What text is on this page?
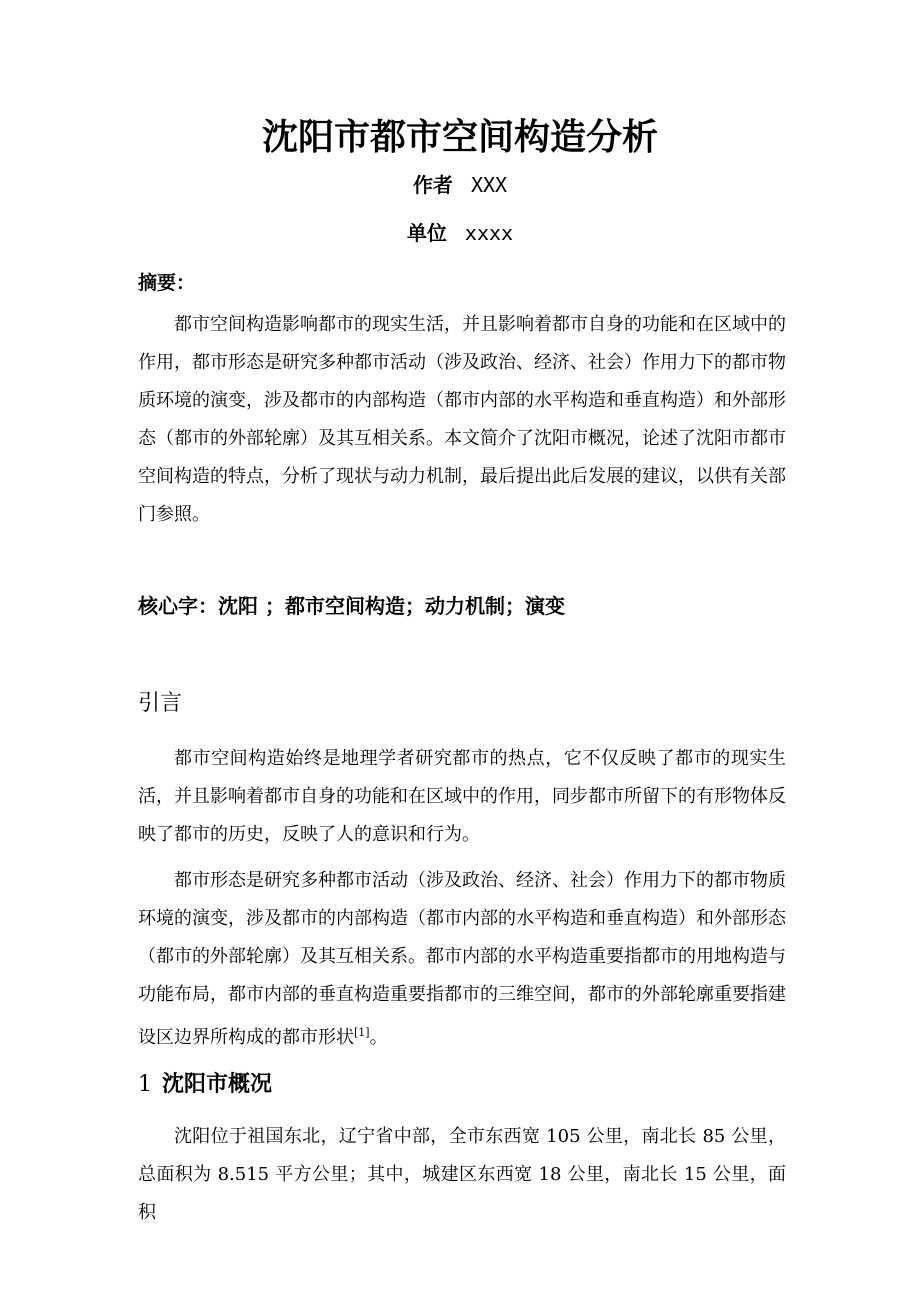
沈阳市都市空间构造分析
作者 XXX
单位 xxxx
摘要：

都市空间构造影响都市的现实生活，并且影响着都市自身的功能和在区域中的作用，都市形态是研究多种都市活动（涉及政治、经济、社会）作用力下的都市物质环境的演变，涉及都市的内部构造（都市内部的水平构造和垂直构造）和外部形态（都市的外部轮廓）及其互相关系。本文简介了沈阳市概况，论述了沈阳市都市空间构造的特点，分析了现状与动力机制，最后提出此后发展的建议，以供有关部门参照。

核心字：沈阳 ；都市空间构造；动力机制；演变
引言

都市空间构造始终是地理学者研究都市的热点，它不仅反映了都市的现实生活，并且影响着都市自身的功能和在区域中的作用，同步都市所留下的有形物体反映了都市的历史，反映了人的意识和行为。

都市形态是研究多种都市活动（涉及政治、经济、社会）作用力下的都市物质环境的演变，涉及都市的内部构造（都市内部的水平构造和垂直构造）和外部形态（都市的外部轮廓）及其互相关系。都市内部的水平构造重要指都市的用地构造与功能布局，都市内部的垂直构造重要指都市的三维空间，都市的外部轮廓重要指建设区边界所构成的都市形状[1]。

1 沈阳市概况

沈阳位于祖国东北，辽宁省中部，全市东西宽 105 公里，南北长 85 公里，总面积为 8.515 平方公里；其中，城建区东西宽 18 公里，南北长 15 公里，面积
